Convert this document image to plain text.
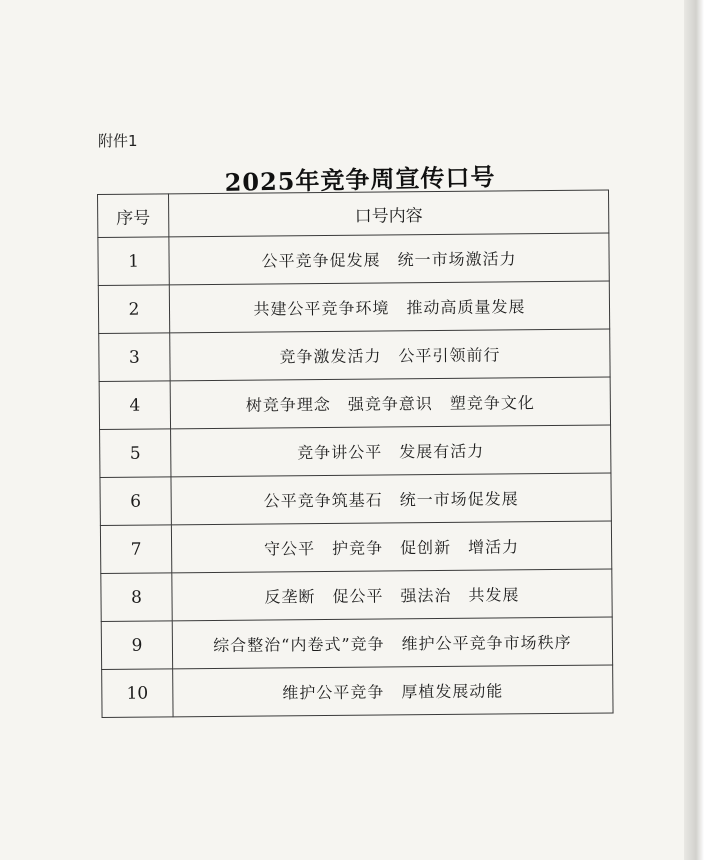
附件1
2025年竞争周宣传口号
序号	口号内容
1	公平竞争促发展　统一市场激活力
2	共建公平竞争环境　推动高质量发展
3	竞争激发活力　公平引领前行
4	树竞争理念　强竞争意识　塑竞争文化
5	竞争讲公平　发展有活力
6	公平竞争筑基石　统一市场促发展
7	守公平　护竞争　促创新　增活力
8	反垄断　促公平　强法治　共发展
9	综合整治“内卷式”竞争　维护公平竞争市场秩序
10	维护公平竞争　厚植发展动能
